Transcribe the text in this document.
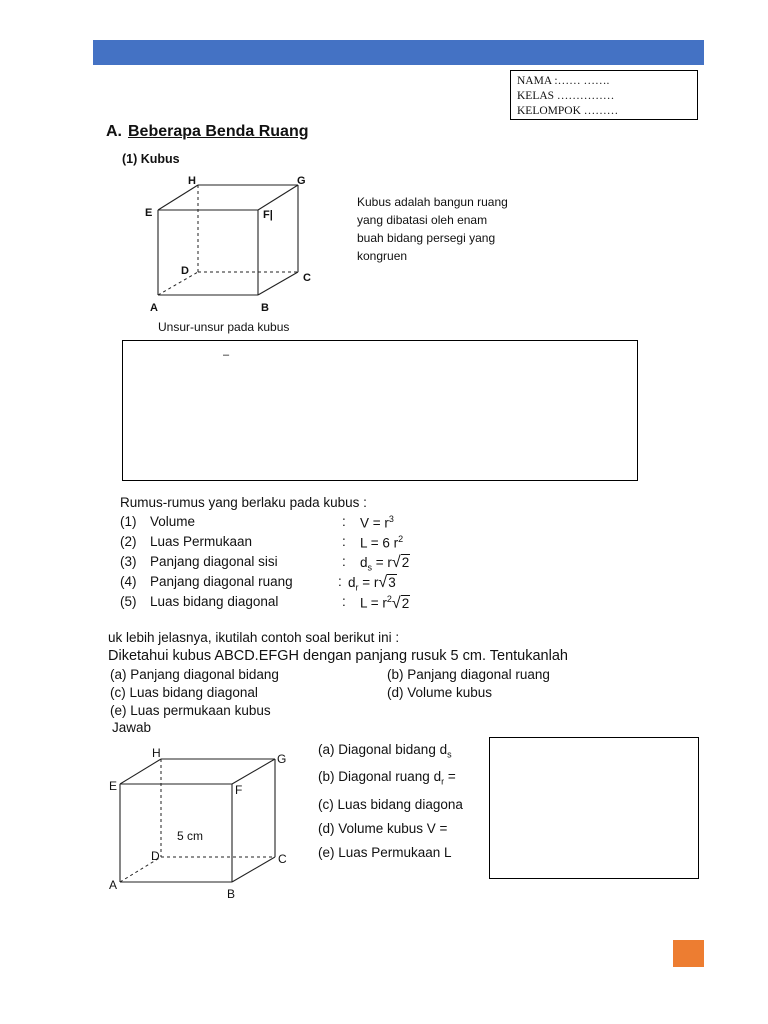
NAMA :…… …….
KELAS ……………
KELOMPOK ………
A. Beberapa Benda Ruang
(1) Kubus
H	G
E	F|
D
C
A	B
Kubus adalah bangun ruang
yang dibatasi oleh enam
buah bidang persegi yang
kongruen
Unsur-unsur pada kubus
–
Rumus-rumus yang berlaku pada kubus :
(1) Volume	: $V = r^3$
(2) Luas Permukaan	: L = 6 $r^2$
(3) Panjang diagonal sisi	: $d_s = r√2$
(4) Panjang diagonal ruang	: $d_r = r√3$
(5) Luas bidang diagonal	: $L = r^2√2$
uk lebih jelasnya, ikutilah contoh soal berikut ini :
Diketahui kubus ABCD.EFGH dengan panjang rusuk 5 cm. Tentukanlah
(a) Panjang diagonal bidang	(b) Panjang diagonal ruang
(c) Luas bidang diagonal	(d) Volume kubus
(e) Luas permukaan kubus
Jawab
H	G
E	F
D	C
A
B
5 cm
(a) Diagonal bidang $d_s$
(b) Diagonal ruang $d_r$ =
(c) Luas bidang diagona
(d) Volume kubus V =
(e) Luas Permukaan L
